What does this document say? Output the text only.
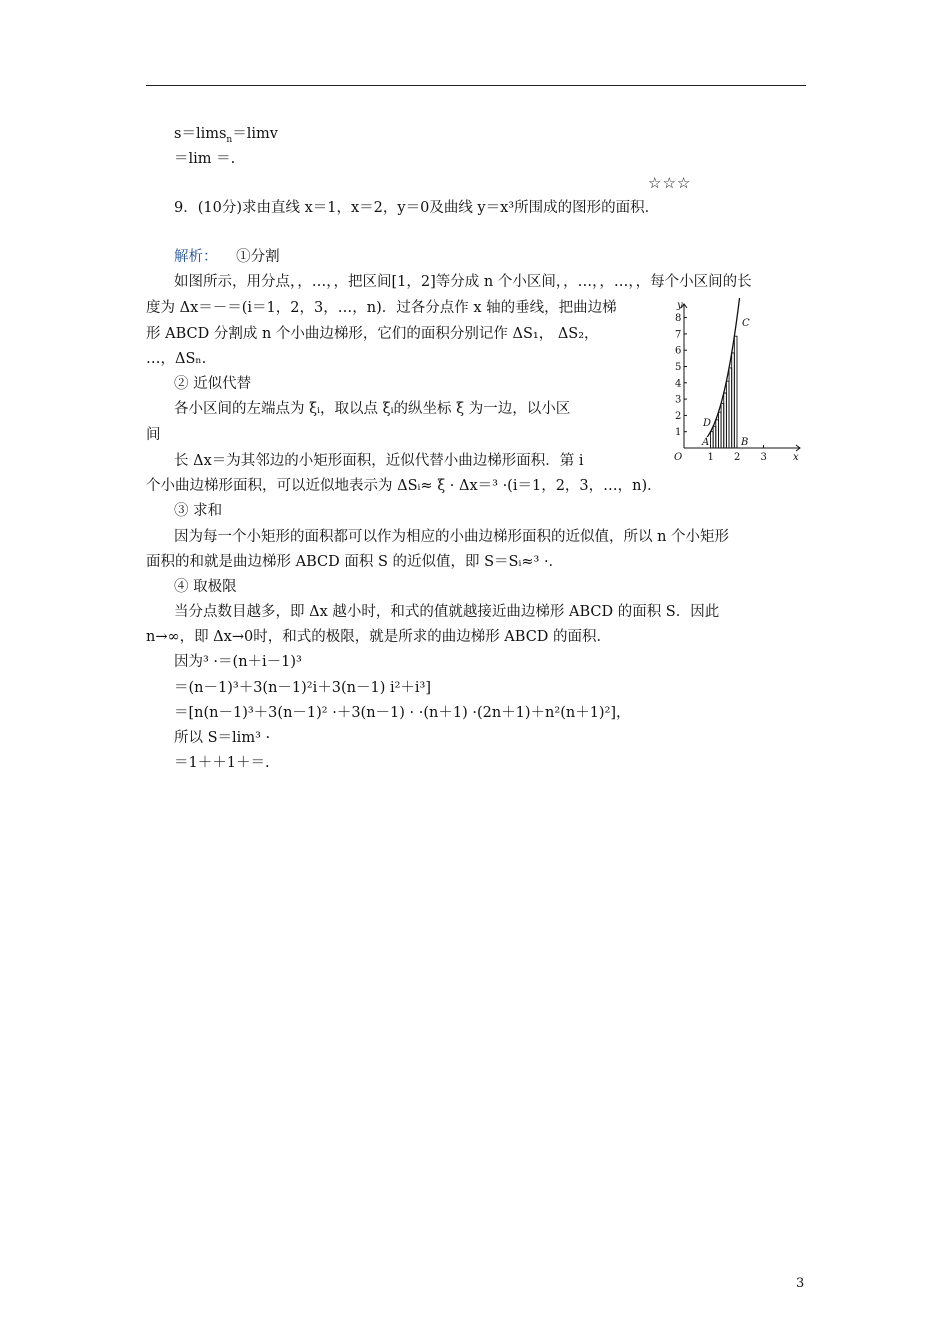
s＝lims$_n$＝limv
＝lim ＝.
☆☆☆
9．(10分)求由直线 x＝1，x＝2，y＝0及曲线 y＝x³所围成的图形的面积．
解析： ①分割
如图所示，用分点，，…，，把区间[1，2]等分成 n 个小区间，，…，，…，，每个小区间的长
度为 Δx＝－＝(i＝1，2，3，…，n)．过各分点作 x 轴的垂线，把曲边梯
形 ABCD 分割成 n 个小曲边梯形，它们的面积分别记作 ΔS₁， ΔS₂，
…，ΔSₙ.
② 近似代替
各小区间的左端点为 ξᵢ，取以点 ξᵢ的纵坐标 ξ 为一边，以小区
间
长 Δx＝为其邻边的小矩形面积，近似代替小曲边梯形面积．第 i
个小曲边梯形面积，可以近似地表示为 ΔSᵢ≈ ξ · Δx＝³ ·(i＝1，2，3，…，n)．
③ 求和
因为每一个小矩形的面积都可以作为相应的小曲边梯形面积的近似值，所以 n 个小矩形
面积的和就是曲边梯形 ABCD 面积 S 的近似值，即 S＝Sᵢ≈³ ·．
④ 取极限
当分点数目越多，即 Δx 越小时，和式的值就越接近曲边梯形 ABCD 的面积 S．因此
n→∞，即 Δx→0时，和式的极限，就是所求的曲边梯形 ABCD 的面积．
因为³ ·＝(n＋i－1)³
＝(n－1)³＋3(n－1)²i＋3(n－1) i²＋i³]
＝[n(n－1)³＋3(n－1)² ·＋3(n－1) · ·(n＋1) ·(2n＋1)＋n²(n＋1)²]，
所以 S＝lim³ ·
＝1＋＋1＋＝.
1
2
3
4
5
6
7
8
1 2 3
y
x
O
A	B
C
D
3
